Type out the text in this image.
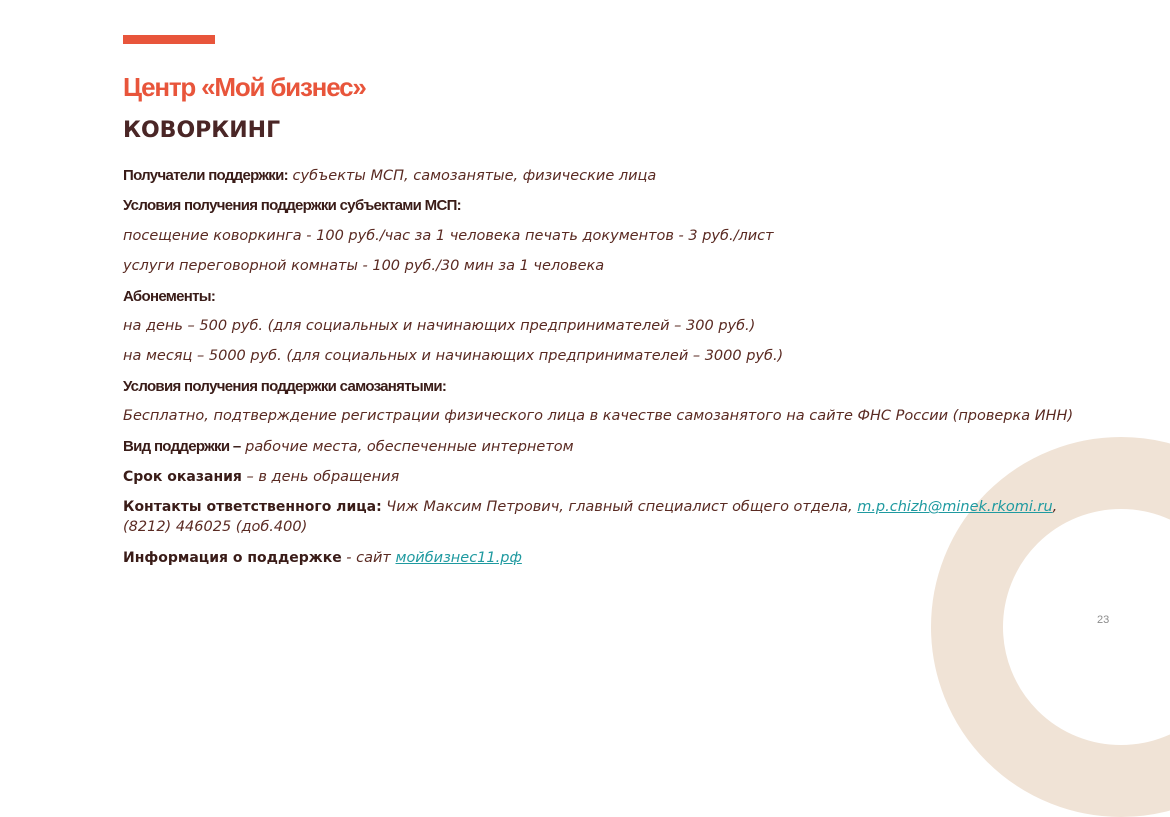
Центр «Мой бизнес»
КОВОРКИНГ

Получатели поддержки: субъекты МСП, самозанятые, физические лица

Условия получения поддержки субъектами МСП:

посещение коворкинга - 100 руб./час за 1 человека печать документов - 3 руб./лист

услуги переговорной комнаты - 100 руб./30 мин за 1 человека

Абонементы:

на день – 500 руб. (для социальных и начинающих предпринимателей – 300 руб.)

на месяц – 5000 руб. (для социальных и начинающих предпринимателей – 3000 руб.)

Условия получения поддержки самозанятыми:

Бесплатно, подтверждение регистрации физического лица в качестве самозанятого на сайте ФНС России (проверка ИНН)

Вид поддержки – рабочие места, обеспеченные интернетом

Срок оказания – в день обращения

Контакты ответственного лица: Чиж Максим Петрович, главный специалист общего отдела, m.p.chizh@minek.rkomi.ru,
(8212) 446025 (доб.400)

Информация о поддержке - сайт мойбизнес11.рф

23
